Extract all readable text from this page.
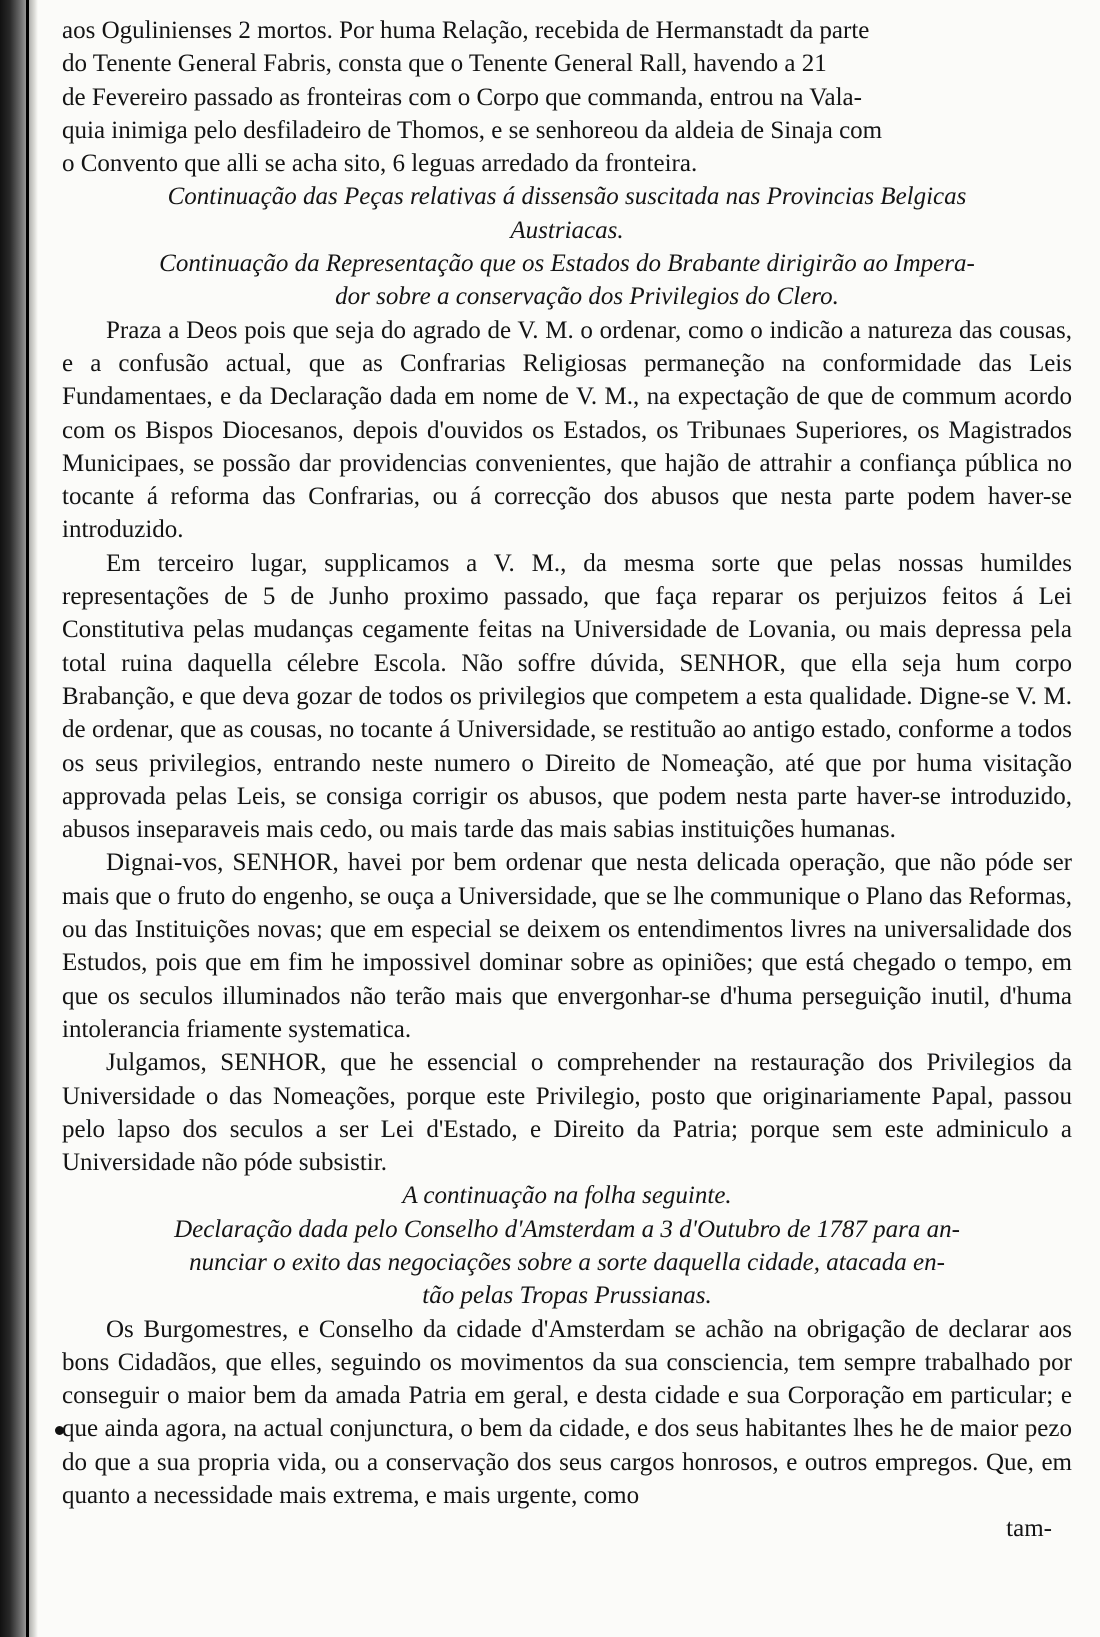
aos Ogulinienses 2 mortos. Por huma Relação, recebida de Hermanstadt da parte

do Tenente General Fabris, consta que o Tenente General Rall, havendo a 21

de Fevereiro passado as fronteiras com o Corpo que commanda, entrou na Vala-

quia inimiga pelo desfiladeiro de Thomos, e se senhoreou da aldeia de Sinaja com

o Convento que alli se acha sito, 6 leguas arredado da fronteira.

Continuação das Peças relativas á dissensão suscitada nas Provincias Belgicas

Austriacas.

Continuação da Representação que os Estados do Brabante dirigirão ao Impera-

dor sobre a conservação dos Privilegios do Clero.

Praza a Deos pois que seja do agrado de V. M. o ordenar, como o indicão a natureza das cousas, e a confusão actual, que as Confrarias Religiosas permaneção na conformidade das Leis Fundamentaes, e da Declaração dada em nome de V. M., na expectação de que de commum acordo com os Bispos Diocesanos, depois d'ouvidos os Estados, os Tribunaes Superiores, os Magistrados Municipaes, se possão dar providencias convenientes, que hajão de attrahir a confiança pública no tocante á reforma das Confrarias, ou á correcção dos abusos que nesta parte podem haver-se introduzido.

Em terceiro lugar, supplicamos a V. M., da mesma sorte que pelas nossas humildes representações de 5 de Junho proximo passado, que faça reparar os perjuizos feitos á Lei Constitutiva pelas mudanças cegamente feitas na Universidade de Lovania, ou mais depressa pela total ruina daquella célebre Escola. Não soffre dúvida, SENHOR, que ella seja hum corpo Brabanção, e que deva gozar de todos os privilegios que competem a esta qualidade. Digne-se V. M. de ordenar, que as cousas, no tocante á Universidade, se restituão ao antigo estado, conforme a todos os seus privilegios, entrando neste numero o Direito de Nomeação, até que por huma visitação approvada pelas Leis, se consiga corrigir os abusos, que podem nesta parte haver-se introduzido, abusos inseparaveis mais cedo, ou mais tarde das mais sabias instituições humanas.

Dignai-vos, SENHOR, havei por bem ordenar que nesta delicada operação, que não póde ser mais que o fruto do engenho, se ouça a Universidade, que se lhe communique o Plano das Reformas, ou das Instituições novas; que em especial se deixem os entendimentos livres na universalidade dos Estudos, pois que em fim he impossivel dominar sobre as opiniões; que está chegado o tempo, em que os seculos illuminados não terão mais que envergonhar-se d'huma perseguição inutil, d'huma intolerancia friamente systematica.

Julgamos, SENHOR, que he essencial o comprehender na restauração dos Privilegios da Universidade o das Nomeações, porque este Privilegio, posto que originariamente Papal, passou pelo lapso dos seculos a ser Lei d'Estado, e Direito da Patria; porque sem este adminiculo a Universidade não póde subsistir.

A continuação na folha seguinte.

Declaração dada pelo Conselho d'Amsterdam a 3 d'Outubro de 1787 para an-

nunciar o exito das negociações sobre a sorte daquella cidade, atacada en-

tão pelas Tropas Prussianas.

Os Burgomestres, e Conselho da cidade d'Amsterdam se achão na obrigação de declarar aos bons Cidadãos, que elles, seguindo os movimentos da sua consciencia, tem sempre trabalhado por conseguir o maior bem da amada Patria em geral, e desta cidade e sua Corporação em particular; e que ainda agora, na actual conjunctura, o bem da cidade, e dos seus habitantes lhes he de maior pezo do que a sua propria vida, ou a conservação dos seus cargos honrosos, e outros empregos. Que, em quanto a necessidade mais extrema, e mais urgente, como

tam-
